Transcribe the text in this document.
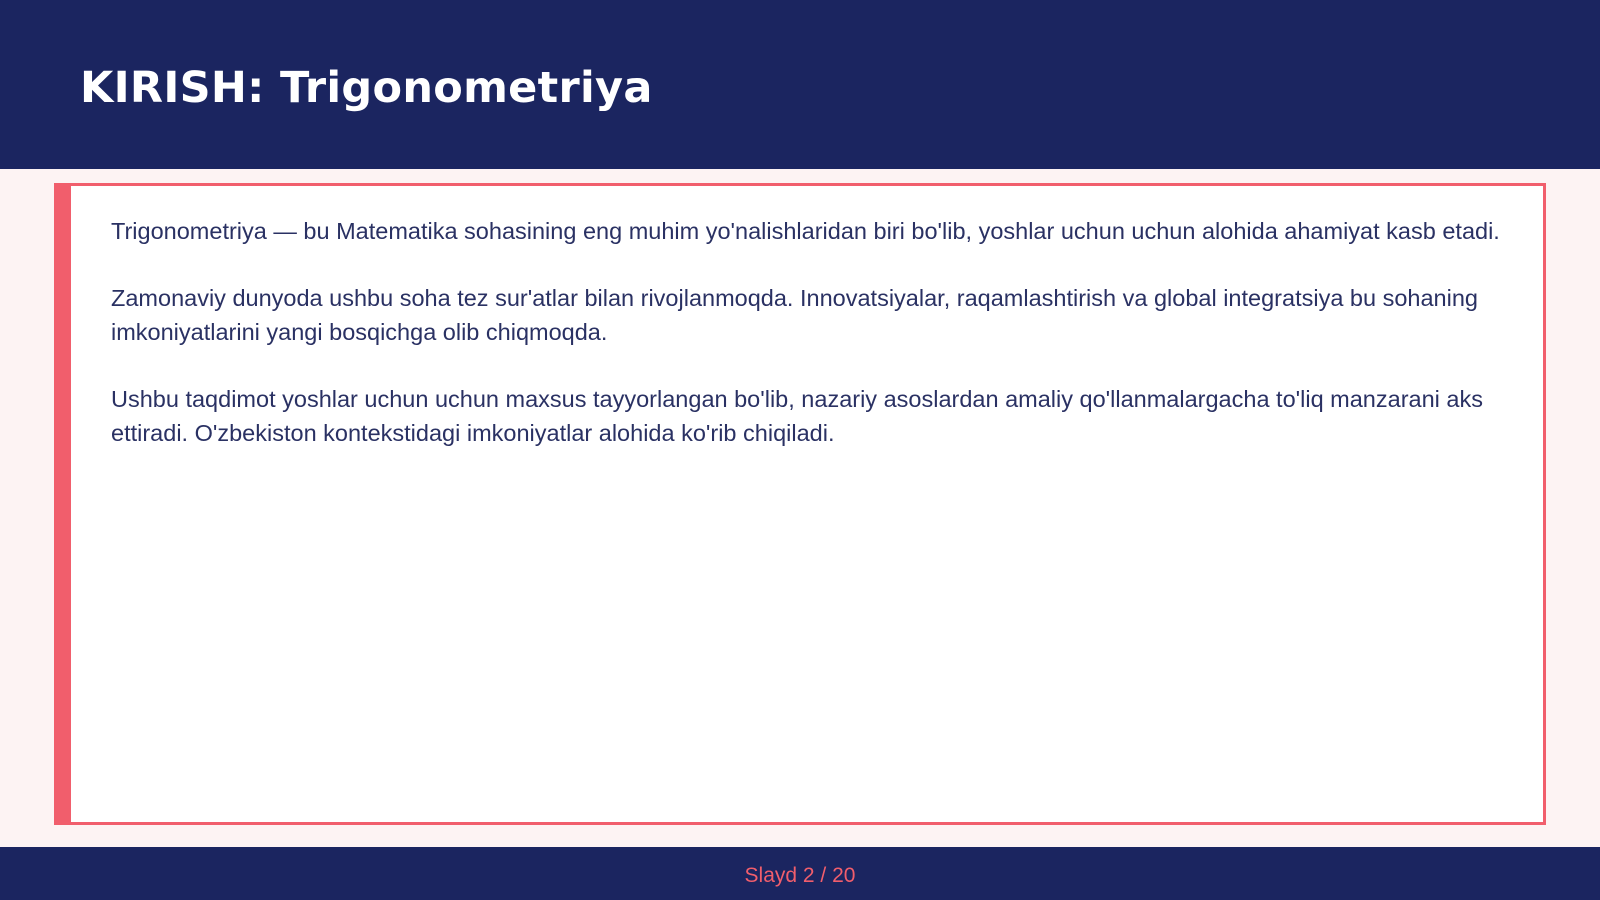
KIRISH: Trigonometriya

Trigonometriya — bu Matematika sohasining eng muhim yo'nalishlaridan biri bo'lib, yoshlar uchun uchun alohida ahamiyat kasb etadi.

Zamonaviy dunyoda ushbu soha tez sur'atlar bilan rivojlanmoqda. Innovatsiyalar, raqamlashtirish va global integratsiya bu sohaning imkoniyatlarini yangi bosqichga olib chiqmoqda.

Ushbu taqdimot yoshlar uchun uchun maxsus tayyorlangan bo'lib, nazariy asoslardan amaliy qo'llanmalargacha to'liq manzarani aks ettiradi. O'zbekiston kontekstidagi imkoniyatlar alohida ko'rib chiqiladi.

Slayd 2 / 20
